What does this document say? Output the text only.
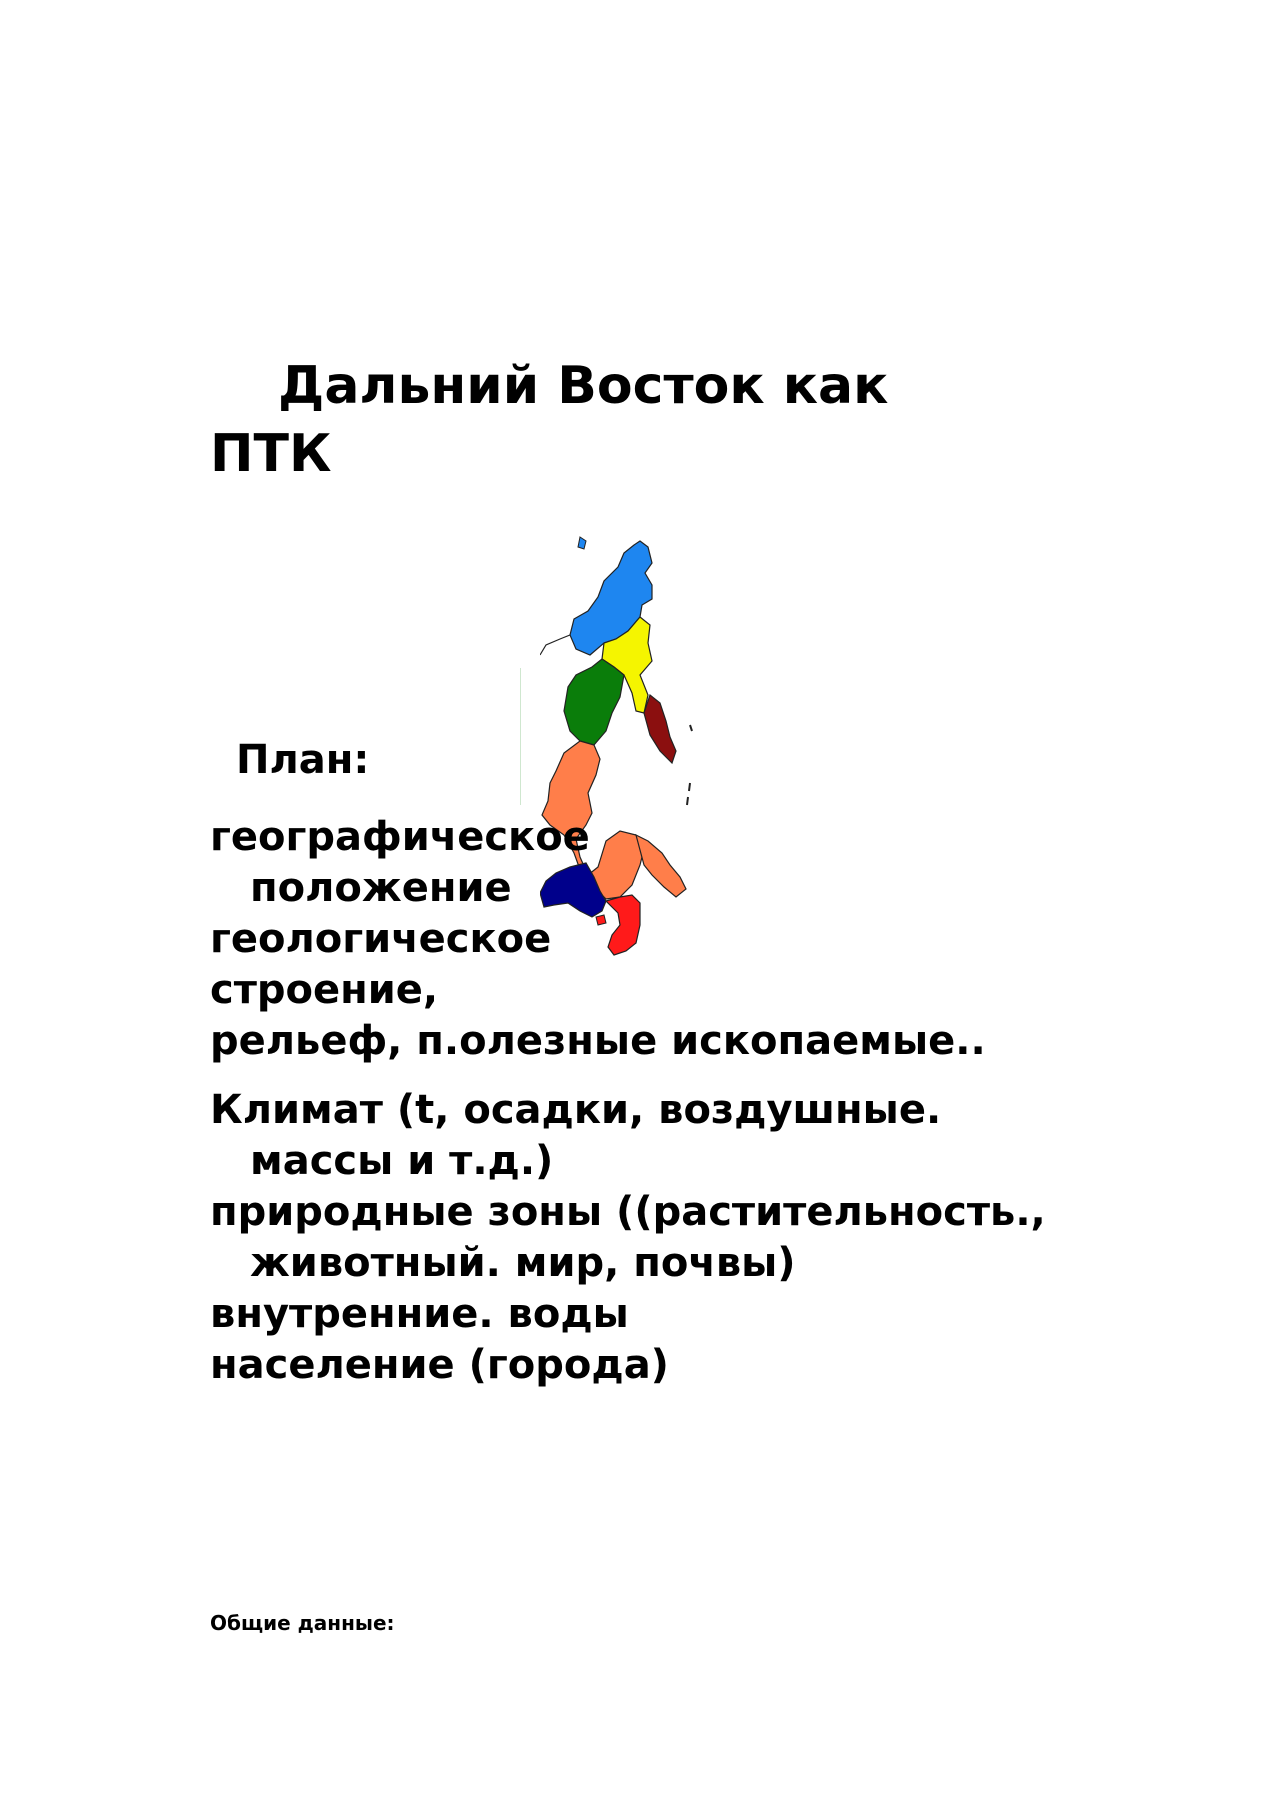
Дальний Восток как ПТК
План:

географическое положение

геологическое строение,

рельеф, п.олезные ископаемые..

Климат (t, осадки, воздушные. массы и т.д.)

природные зоны ((растительность., животный. мир, почвы)

внутренние. воды

население (города)

Общие данные:
